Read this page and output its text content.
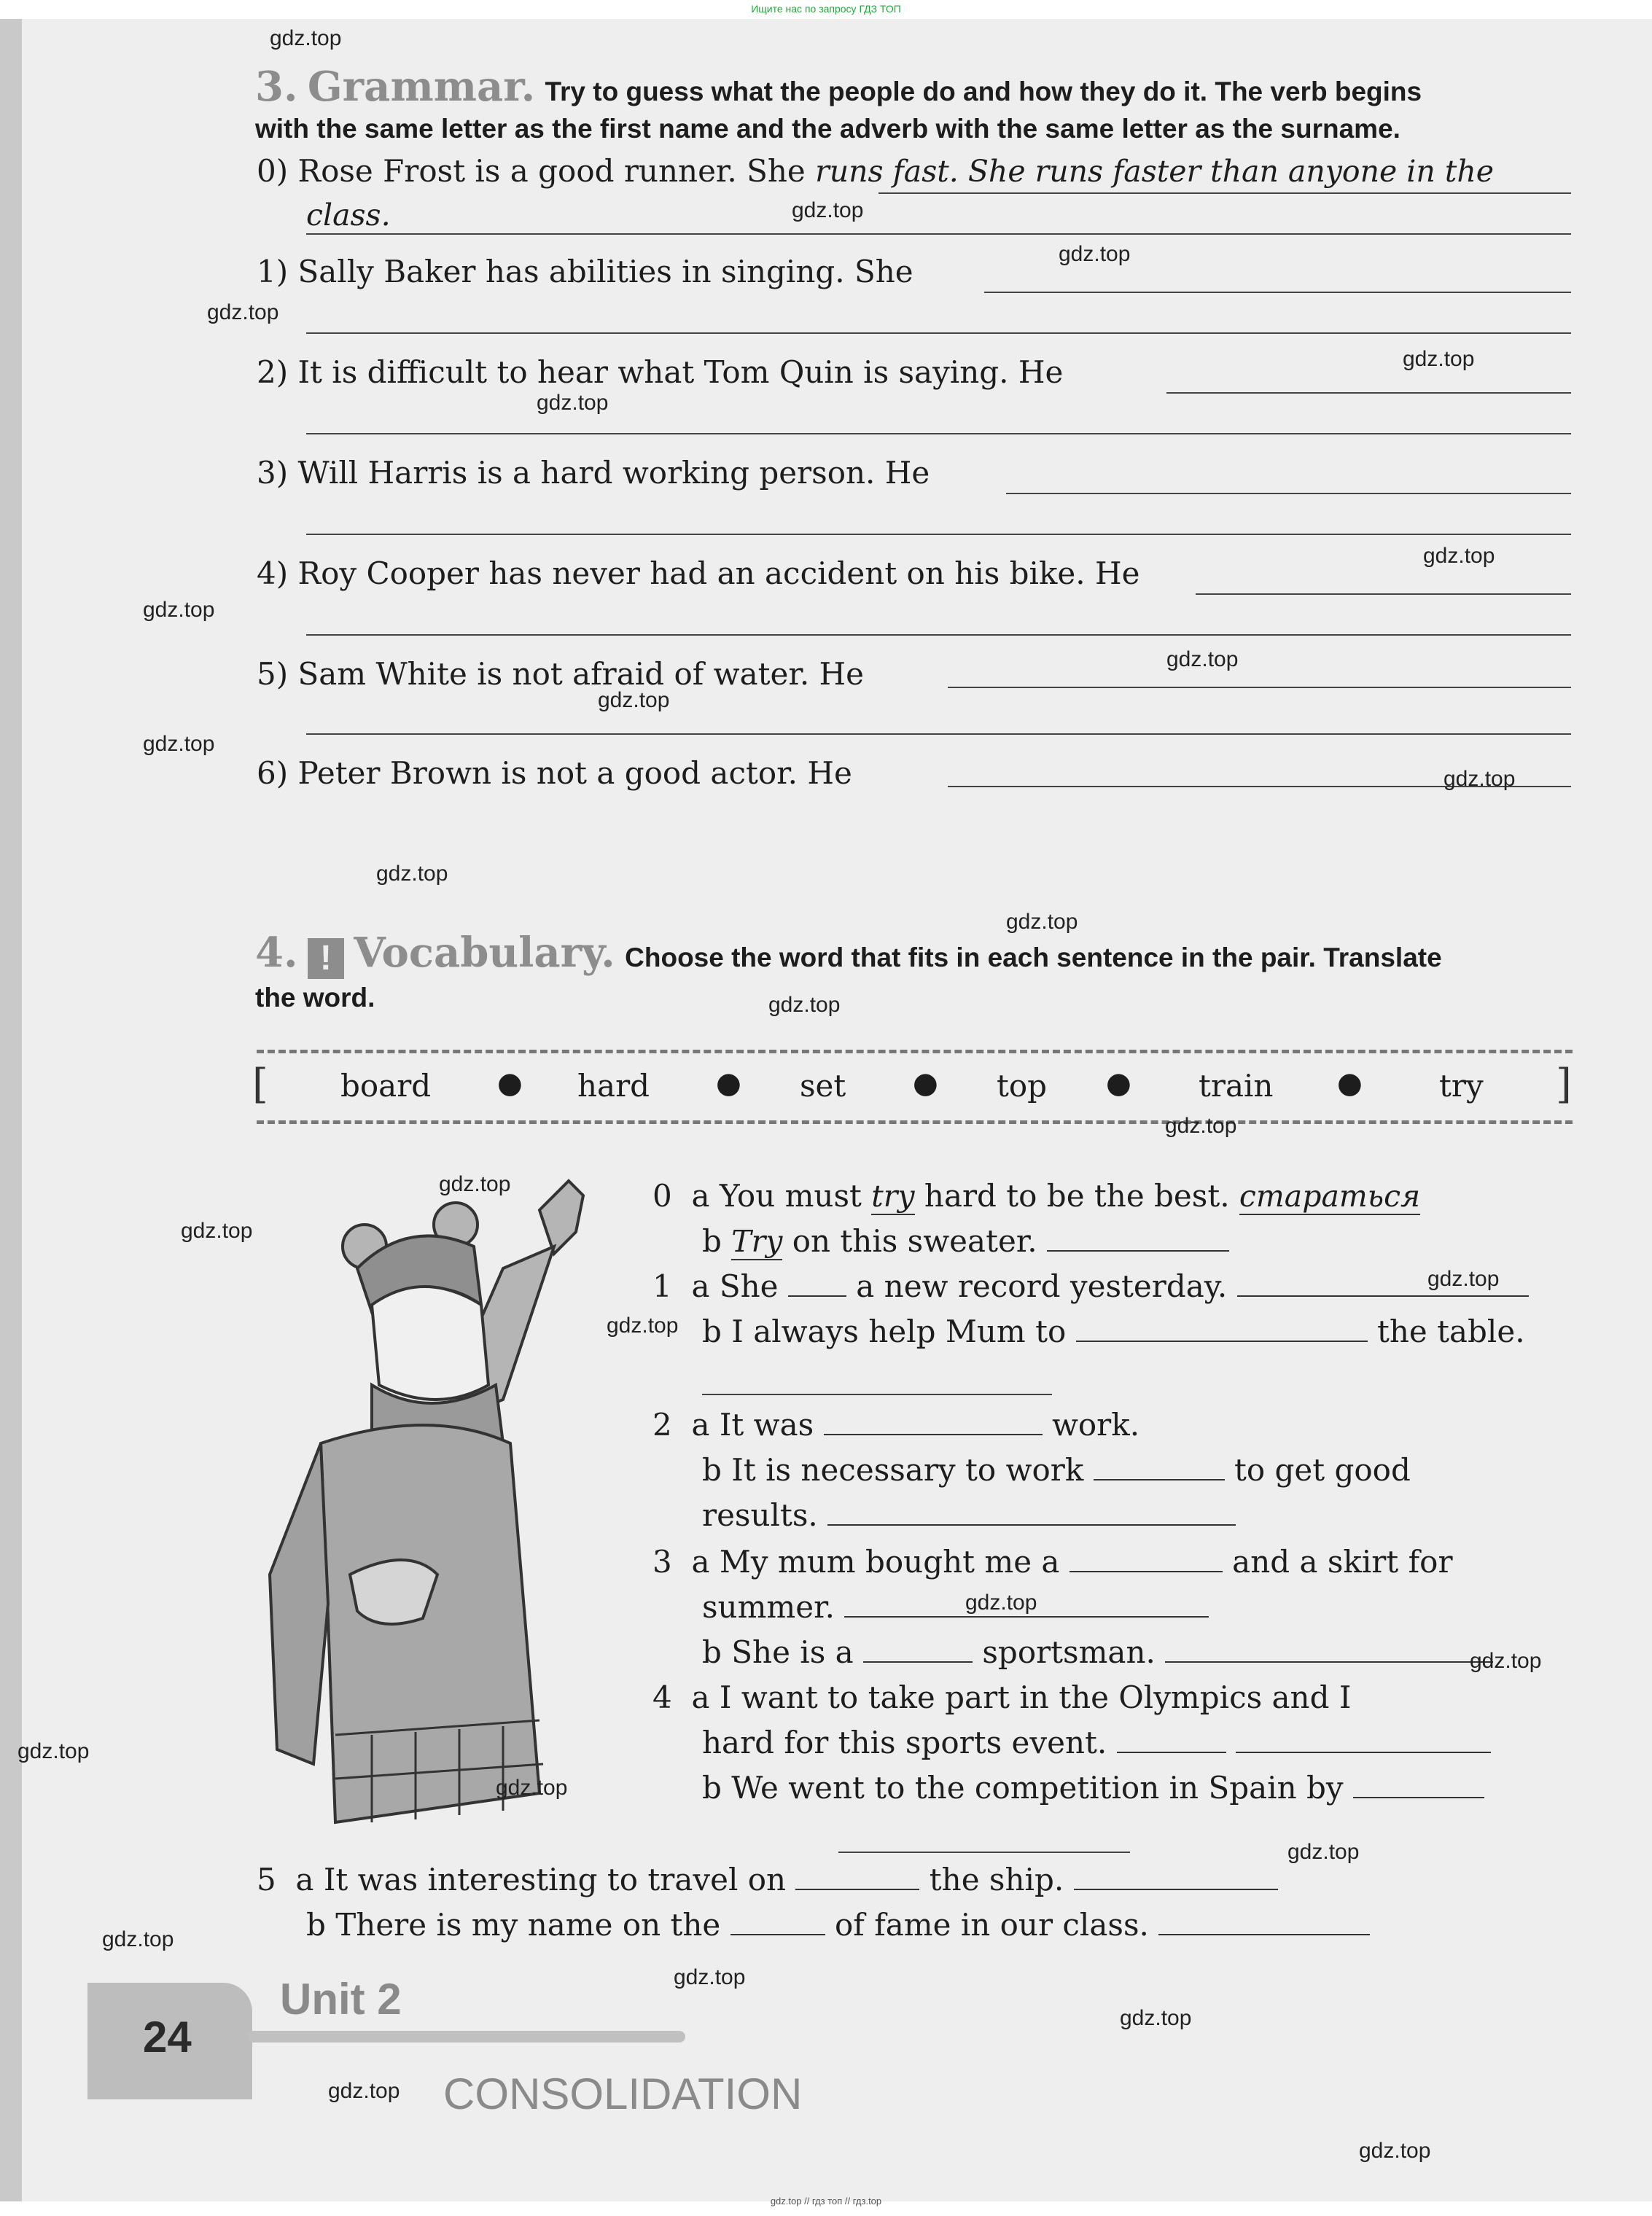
Ищите нас по запросу ГДЗ ТОП
gdz.top // гдз топ // гдз.top
3. Grammar. Try to guess what the people do and how they do it. The verb begins
with the same letter as the first name and the adverb with the same letter as the surname.
0) Rose Frost is a good runner. She runs fast. She runs faster than anyone in the
class.
1) Sally Baker has abilities in singing. She
2) It is difficult to hear what Tom Quin is saying. He
3) Will Harris is a hard working person. He
4) Roy Cooper has never had an accident on his bike. He
5) Sam White is not afraid of water. He
6) Peter Brown is not a good actor. He
4. ! Vocabulary. Choose the word that fits in each sentence in the pair. Translate
the word.
[ board ● hard ● set ● top ● train ●	try ]
0 a You must try hard to be the best. стараться
b Try on this sweater.
1 a She	a new record yesterday.
b I always help Mum to	the table.
2 a It was	work.
b It is necessary to work	to get good
results.
3 a My mum bought me a	and a skirt for
summer.
b She is a	sportsman.
4 a I want to take part in the Olympics and I
hard for this sports event.
b We went to the competition in Spain by
5 a It was interesting to travel on	the ship.
b There is my name on the	of fame in our class.
24
Unit 2
CONSOLIDATION
gdz.top
gdz.top
gdz.top
gdz.top
gdz.top
gdz.top
gdz.top
gdz.top
gdz.top
gdz.top
gdz.top
gdz.top
gdz.top
gdz.top
gdz.top
gdz.top
gdz.top
gdz.top
gdz.top
gdz.top
gdz.top
gdz.top
gdz.top
gdz.top
gdz.top
gdz.top
gdz.top
gdz.top
gdz.top
gdz.top
